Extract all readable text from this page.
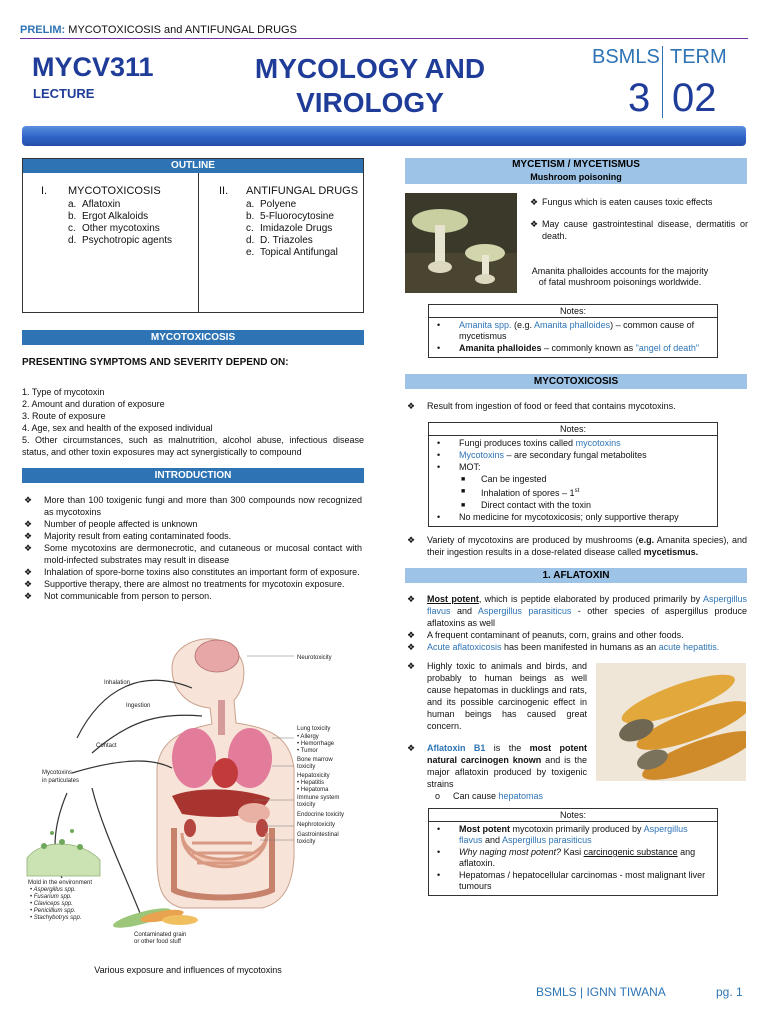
PRELIM: MYCOTOXICOSIS and ANTIFUNGAL DRUGS
MYCV311
LECTURE
MYCOLOGY AND
VIROLOGY
BSMLS TERM
3 02
OUTLINE
I. MYCOTOXICOSIS
a. Aflatoxin
b. Ergot Alkaloids
c. Other mycotoxins
d. Psychotropic agents
II. ANTIFUNGAL DRUGS
a. Polyene
b. 5-Fluorocytosine
c. Imidazole Drugs
d. D. Triazoles
e. Topical Antifungal
MYCOTOXICOSIS
PRESENTING SYMPTOMS AND SEVERITY DEPEND ON:
1. Type of mycotoxin
2. Amount and duration of exposure
3. Route of exposure
4. Age, sex and health of the exposed individual
5. Other circumstances, such as malnutrition, alcohol abuse, infectious disease status, and other toxin exposures may act synergistically to compound
INTRODUCTION
❖ More than 100 toxigenic fungi and more than 300 compounds now recognized as mycotoxins
❖ Number of people affected is unknown
❖ Majority result from eating contaminated foods.
❖ Some mycotoxins are dermonecrotic, and cutaneous or mucosal contact with mold-infected substrates may result in disease
❖ Inhalation of spore-borne toxins also constitutes an important form of exposure.
❖ Supportive therapy, there are almost no treatments for mycotoxin exposure.
❖ Not communicable from person to person.
Neurotoxicity
Inhalation
Ingestion
Contact
Mycotoxins
in particulates
Lung toxicity
• Allergy
• Hemorrhage
• Tumor
Bone marrow
toxicity
Hepatoxicity
• Hepatitis
• Hepatoma
Immune system
toxicity
Endocrine toxicity
Nephrotoxicity
Gastrointestinal
toxicity
Mold in the environment
• Aspergillus spp.
• Fusarium spp.
• Claviceps spp.
• Penicillium spp.
• Stachybotrys spp.
Contaminated grain
or other food stuff
Various exposure and influences of mycotoxins
MYCETISM / MYCETISMUS
Mushroom poisoning
❖ Fungus which is eaten causes toxic effects
❖ May cause gastrointestinal disease, dermatitis or death.
Amanita phalloides accounts for the majority of fatal mushroom poisonings worldwide.
Notes:
• Amanita spp. (e.g. Amanita phalloides) – common cause of mycetismus
• Amanita phalloides – commonly known as "angel of death"
MYCOTOXICOSIS
❖ Result from ingestion of food or feed that contains mycotoxins.
Notes:
• Fungi produces toxins called mycotoxins
• Mycotoxins – are secondary fungal metabolites
• MOT:
■ Can be ingested
■ Inhalation of spores – 1st
■ Direct contact with the toxin
• No medicine for mycotoxicosis; only supportive therapy
❖ Variety of mycotoxins are produced by mushrooms (e.g. Amanita species), and their ingestion results in a dose-related disease called mycetismus.
1. AFLATOXIN
❖ Most potent, which is peptide elaborated by produced primarily by Aspergillus flavus and Aspergillus parasiticus - other species of aspergillus produce aflatoxins as well
❖ A frequent contaminant of peanuts, corn, grains and other foods.
❖ Acute aflatoxicosis has been manifested in humans as an acute hepatitis.
❖ Highly toxic to animals and birds, and probably to human beings as well cause hepatomas in ducklings and rats, and its possible carcinogenic effect in human beings has caused great concern.
❖ Aflatoxin B1 is the most potent natural carcinogen known and is the major aflatoxin produced by toxigenic strains
o Can cause hepatomas
Notes:
• Most potent mycotoxin primarily produced by Aspergillus flavus and Aspergillus parasiticus
• Why naging most potent? Kasi carcinogenic substance ang aflatoxin.
• Hepatomas / hepatocellular carcinomas - most malignant liver tumours
BSMLS | IGNN TIWANA	pg. 1
